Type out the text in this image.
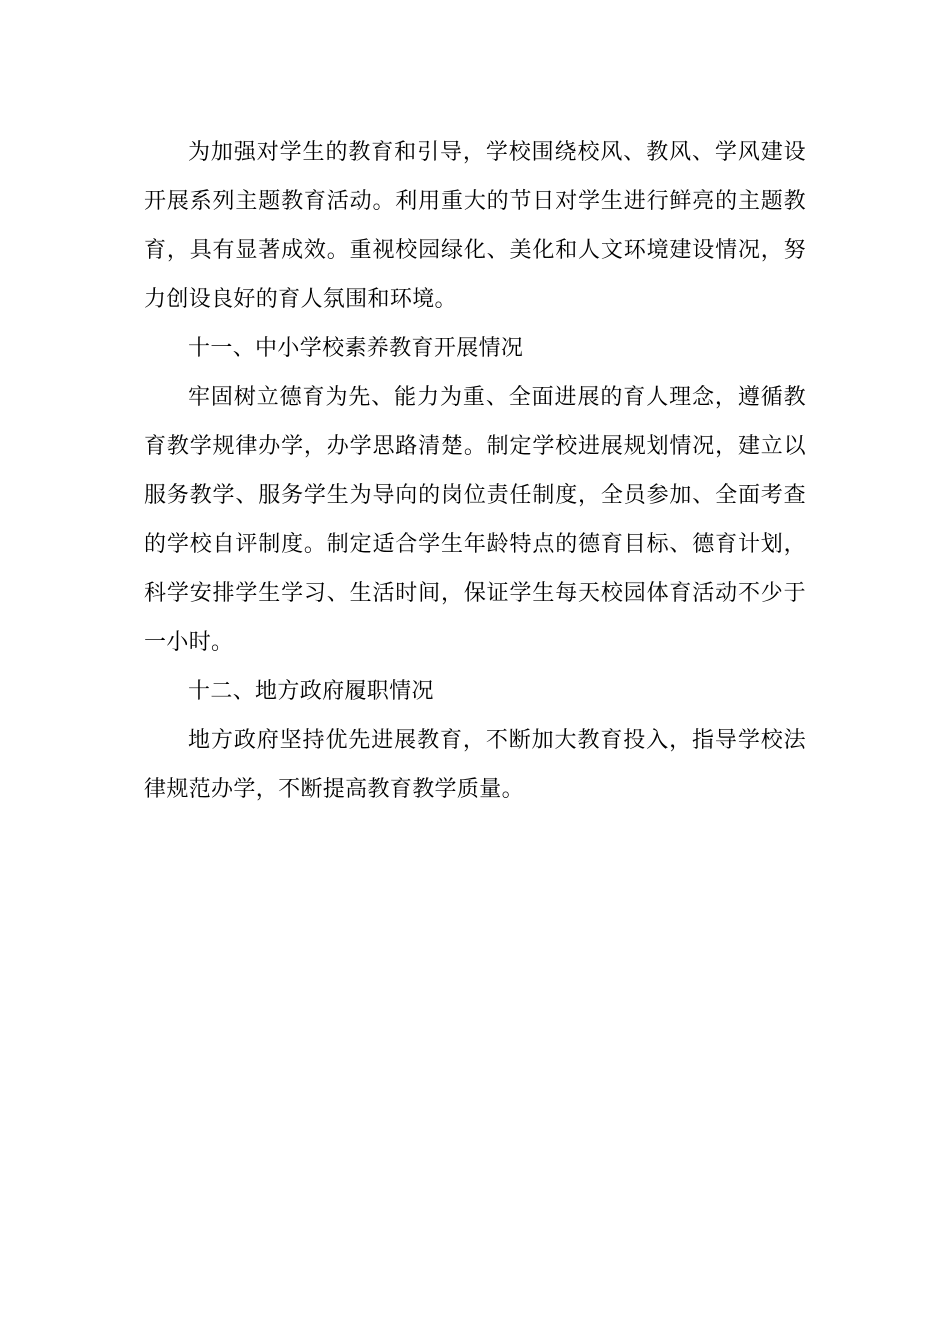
为加强对学生的教育和引导，学校围绕校风、教风、学风建设开展系列主题教育活动。利用重大的节日对学生进行鲜亮的主题教育，具有显著成效。重视校园绿化、美化和人文环境建设情况，努力创设良好的育人氛围和环境。

十一、中小学校素养教育开展情况

牢固树立德育为先、能力为重、全面进展的育人理念，遵循教育教学规律办学，办学思路清楚。制定学校进展规划情况，建立以服务教学、服务学生为导向的岗位责任制度，全员参加、全面考查的学校自评制度。制定适合学生年龄特点的德育目标、德育计划，科学安排学生学习、生活时间，保证学生每天校园体育活动不少于一小时。

十二、地方政府履职情况

地方政府坚持优先进展教育，不断加大教育投入，指导学校法律规范办学，不断提高教育教学质量。
